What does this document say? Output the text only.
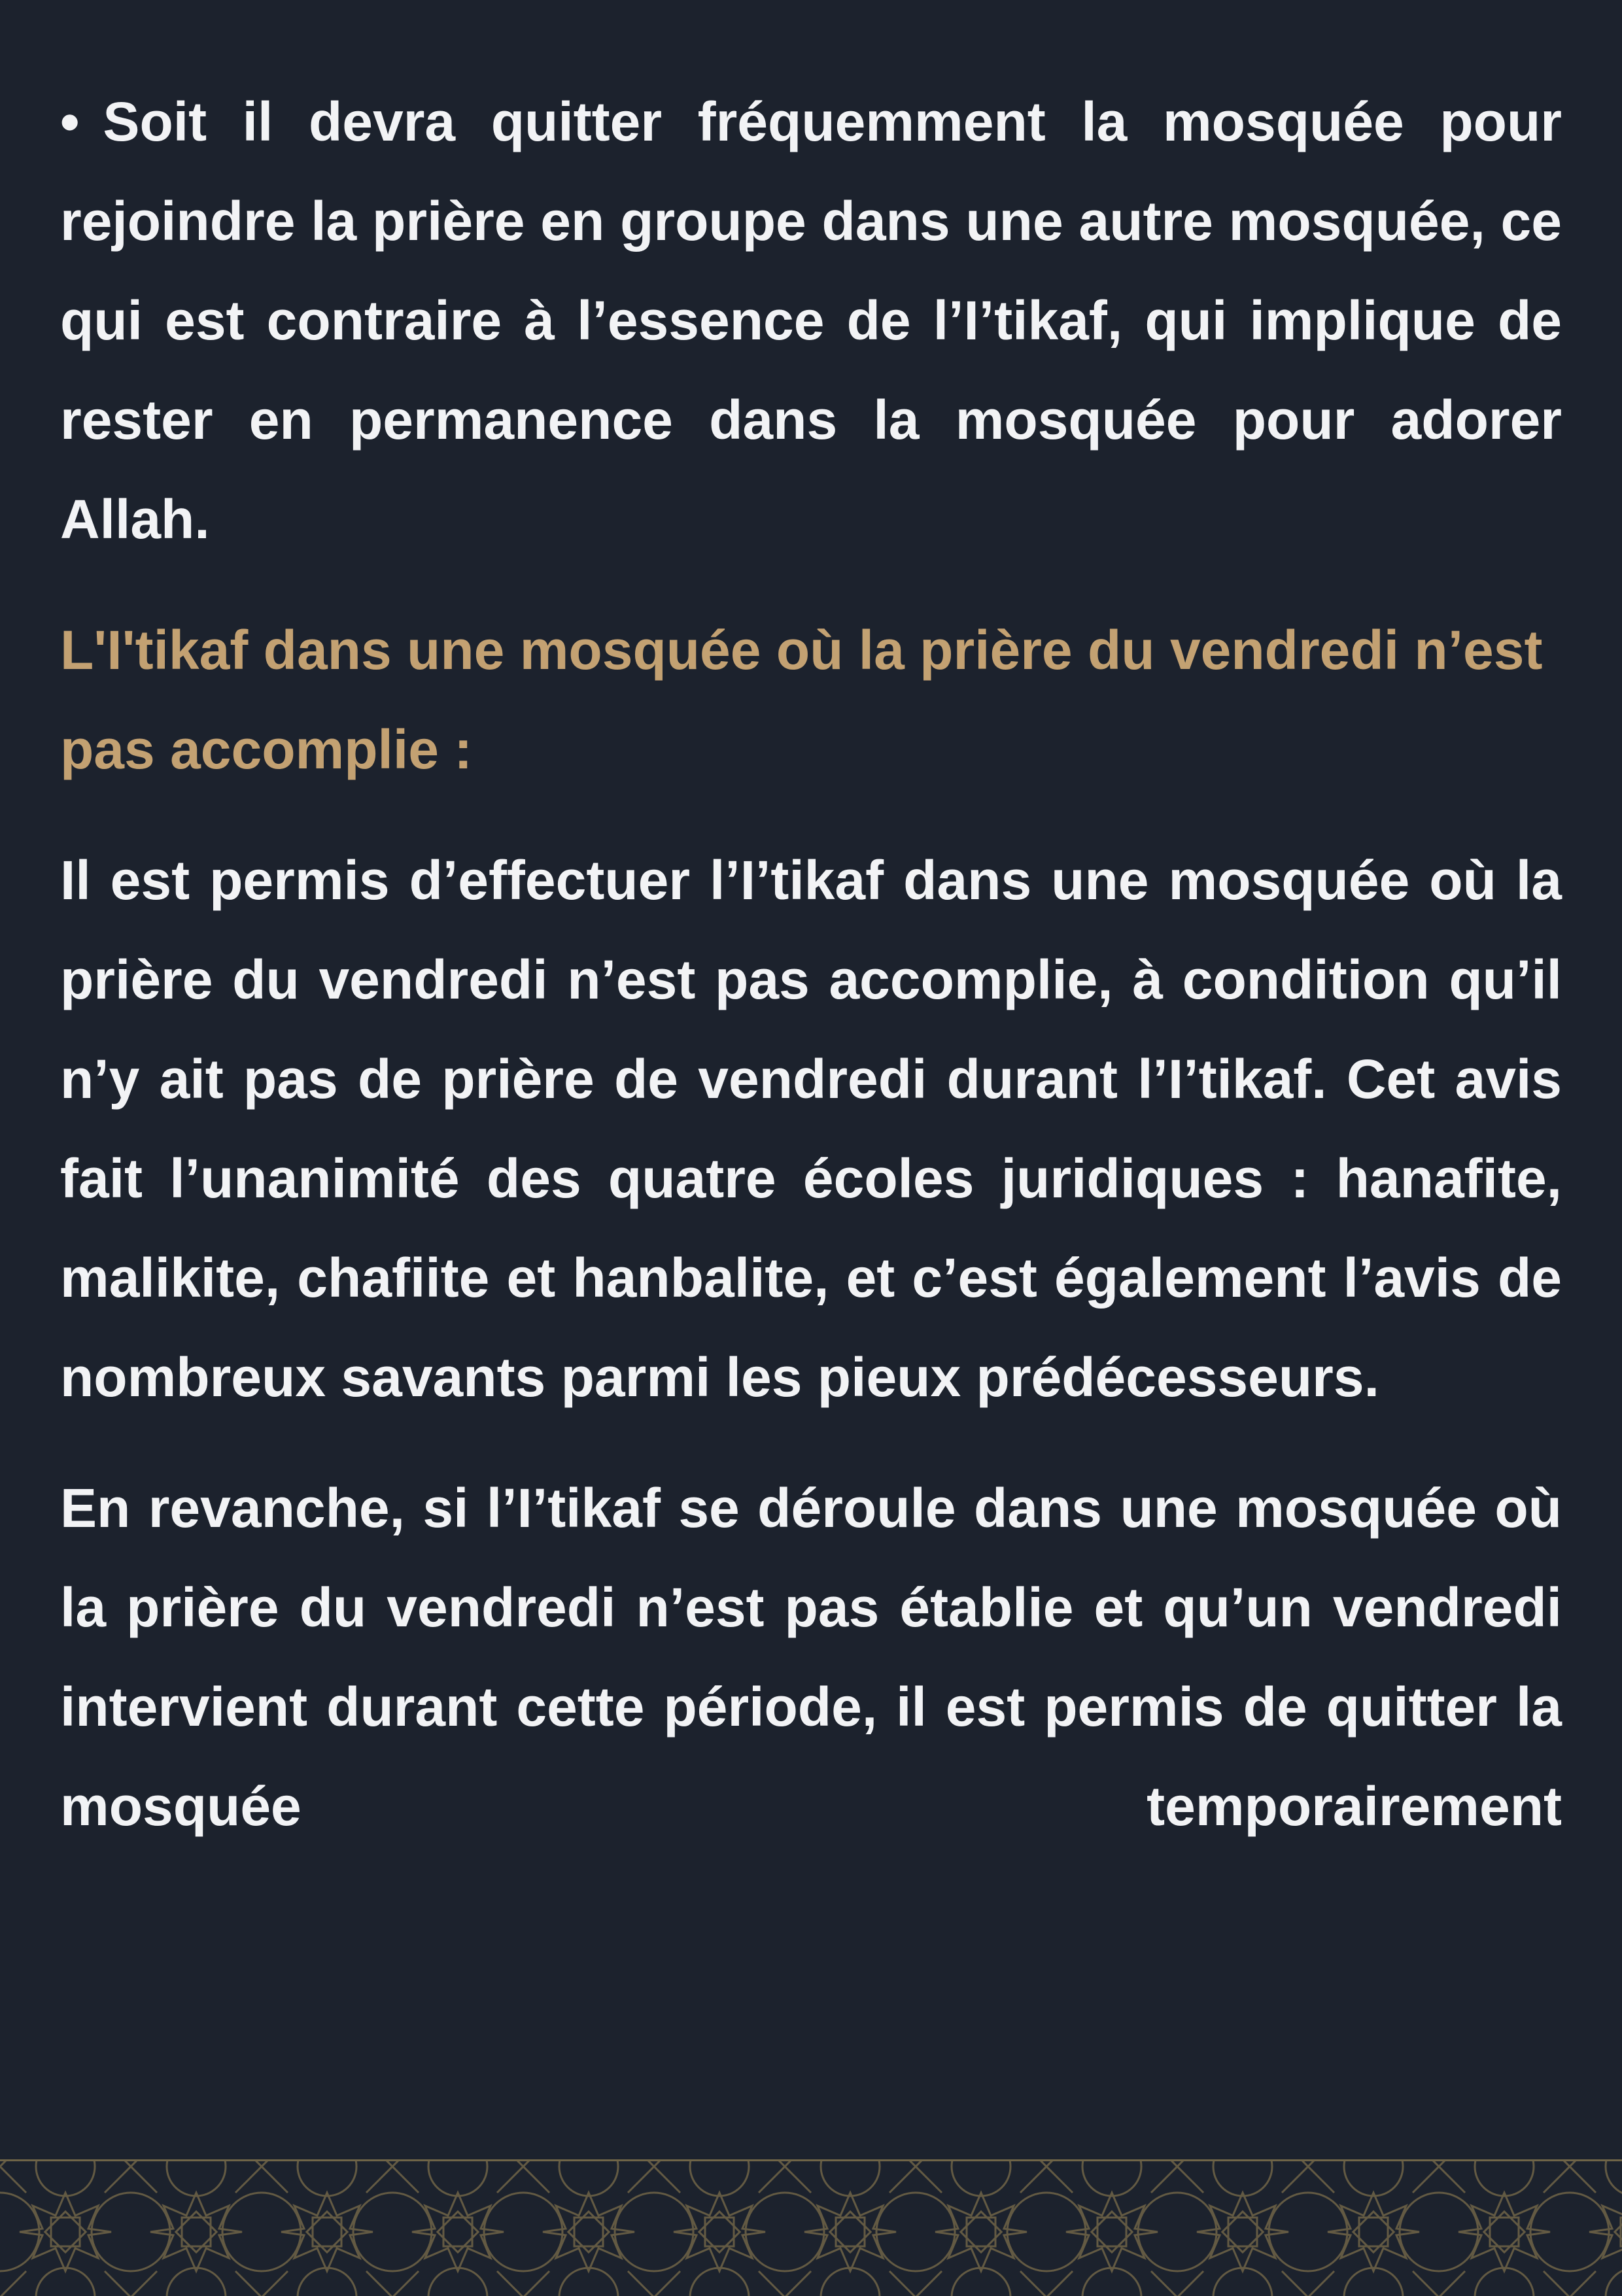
• Soit il devra quitter fréquemment la mosquée pour rejoindre la prière en groupe dans une autre mosquée, ce qui est contraire à l’essence de l’I’tikaf, qui implique de rester en permanence dans la mosquée pour adorer Allah.

L'I'tikaf dans une mosquée où la prière du vendredi n’est pas accomplie :

Il est permis d’effectuer l’I’tikaf dans une mosquée où la prière du vendredi n’est pas accomplie, à condition qu’il n’y ait pas de prière de vendredi durant l’I’tikaf. Cet avis fait l’unanimité des quatre écoles juridiques : hanafite, malikite, chafiite et hanbalite, et c’est également l’avis de nombreux savants parmi les pieux prédécesseurs.

En revanche, si l’I’tikaf se déroule dans une mosquée où la prière du vendredi n’est pas établie et qu’un vendredi intervient durant cette période, il est permis de quitter la mosquée temporairement
